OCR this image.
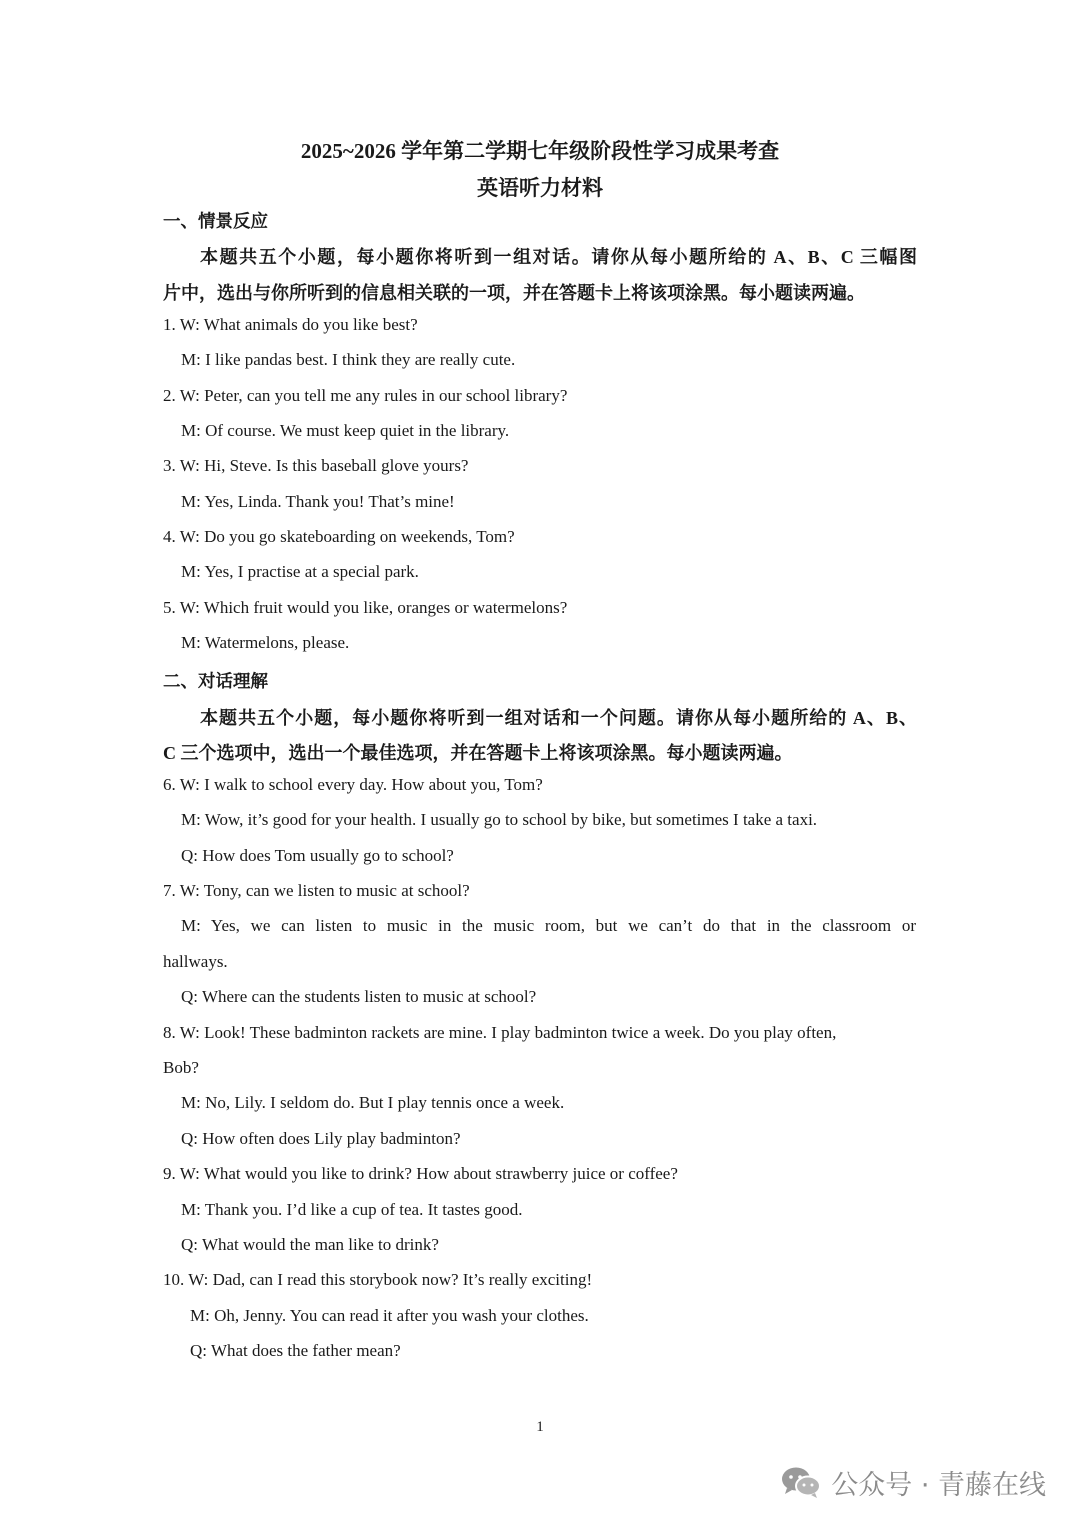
2025~2026 学年第二学期七年级阶段性学习成果考查
英语听力材料
一、情景反应
本题共五个小题，每小题你将听到一组对话。请你从每小题所给的 A、B、C 三幅图
片中，选出与你所听到的信息相关联的一项，并在答题卡上将该项涂黑。每小题读两遍。
1. W: What animals do you like best?
M: I like pandas best. I think they are really cute.
2. W: Peter, can you tell me any rules in our school library?
M: Of course. We must keep quiet in the library.
3. W: Hi, Steve. Is this baseball glove yours?
M: Yes, Linda. Thank you! That’s mine!
4. W: Do you go skateboarding on weekends, Tom?
M: Yes, I practise at a special park.
5. W: Which fruit would you like, oranges or watermelons?
M: Watermelons, please.
二、对话理解
本题共五个小题，每小题你将听到一组对话和一个问题。请你从每小题所给的 A、B、
C 三个选项中，选出一个最佳选项，并在答题卡上将该项涂黑。每小题读两遍。
6. W: I walk to school every day. How about you, Tom?
M: Wow, it’s good for your health. I usually go to school by bike, but sometimes I take a taxi.
Q: How does Tom usually go to school?
7. W: Tony, can we listen to music at school?
M: Yes, we can listen to music in the music room, but we can’t do that in the classroom or
hallways.
Q: Where can the students listen to music at school?
8. W: Look! These badminton rackets are mine. I play badminton twice a week. Do you play often,
Bob?
M: No, Lily. I seldom do. But I play tennis once a week.
Q: How often does Lily play badminton?
9. W: What would you like to drink? How about strawberry juice or coffee?
M: Thank you. I’d like a cup of tea. It tastes good.
Q: What would the man like to drink?
10. W: Dad, can I read this storybook now? It’s really exciting!
M: Oh, Jenny. You can read it after you wash your clothes.
Q: What does the father mean?
1
公众号 · 青藤在线
